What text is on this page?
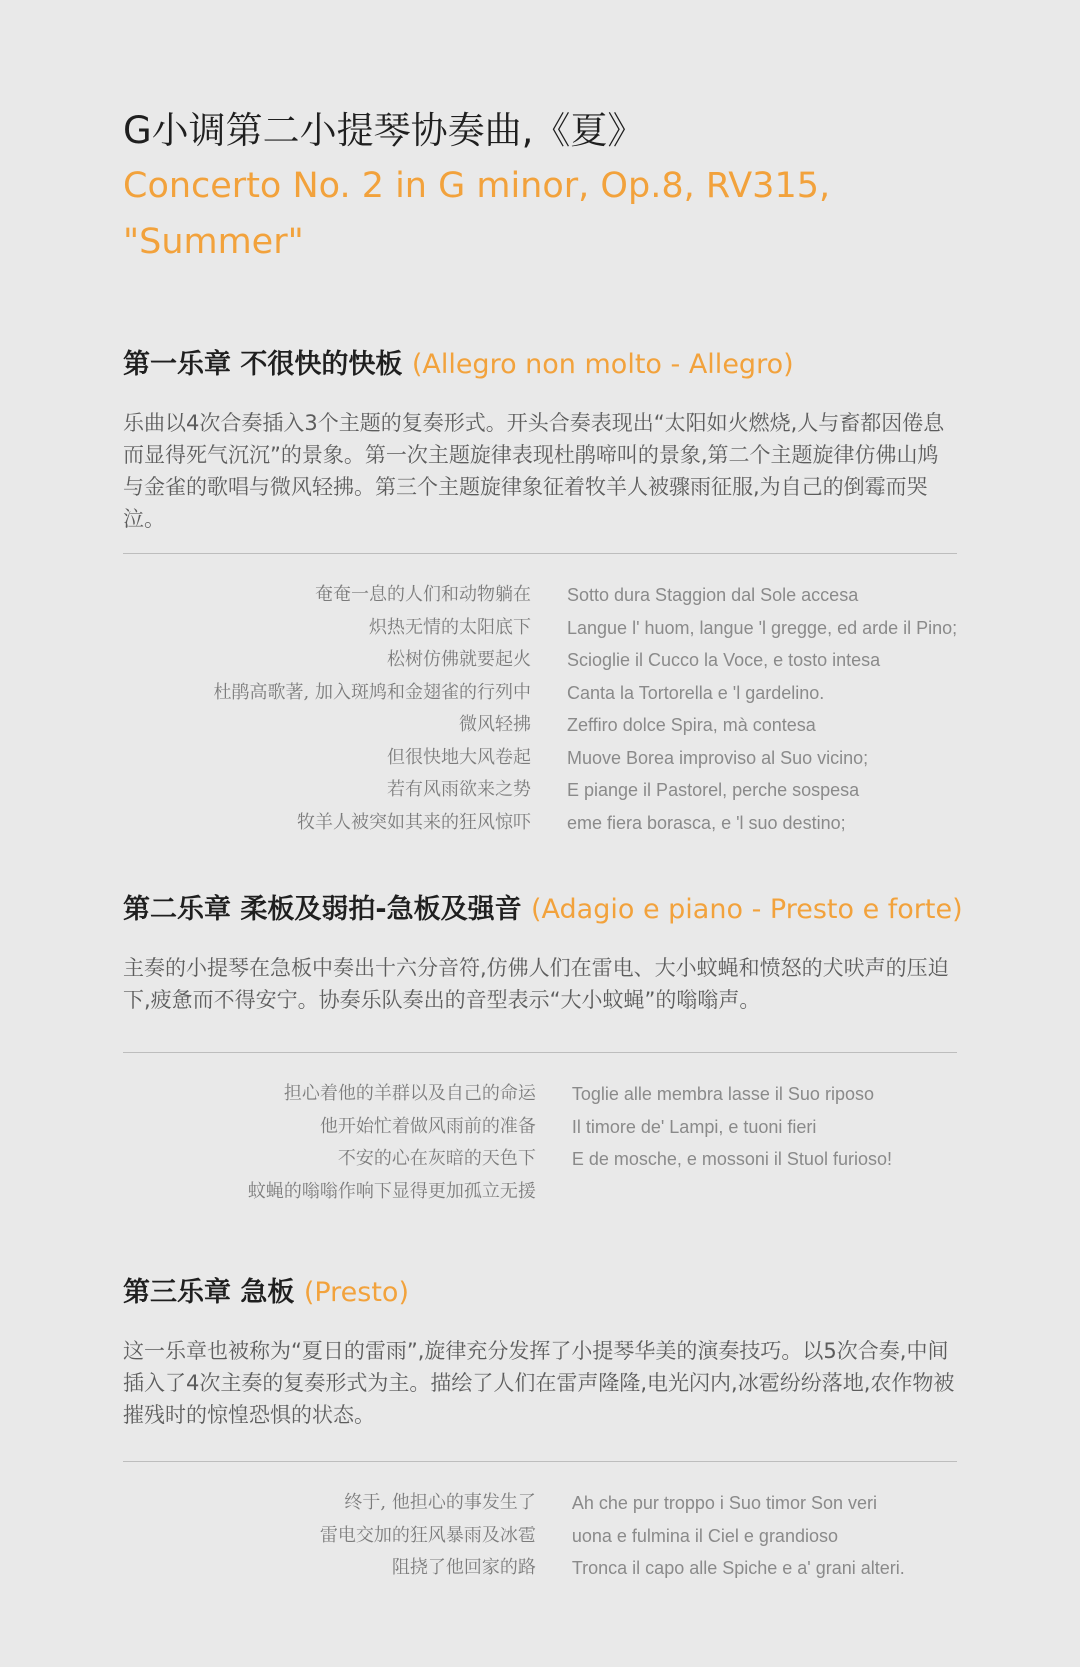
G小调第二小提琴协奏曲,《夏》
Concerto No. 2 in G minor, Op.8, RV315, "Summer"
第一乐章 不很快的快板 (Allegro non molto - Allegro)

乐曲以4次合奏插入3个主题的复奏形式。开头合奏表现出“太阳如火燃烧,人与畜都因倦息而显得死气沉沉”的景象。第一次主题旋律表现杜鹃啼叫的景象,第二个主题旋律仿佛山鸠与金雀的歌唱与微风轻拂。第三个主题旋律象征着牧羊人被骤雨征服,为自己的倒霉而哭泣。

奄奄一息的人们和动物躺在
炽热无情的太阳底下
松树仿佛就要起火
杜鹃高歌著, 加入斑鸠和金翅雀的行列中
微风轻拂
但很快地大风卷起
若有风雨欲来之势
牧羊人被突如其来的狂风惊吓
Sotto dura Staggion dal Sole accesa
Langue l' huom, langue 'l gregge, ed arde il Pino;
Scioglie il Cucco la Voce, e tosto intesa
Canta la Tortorella e 'l gardelino.
Zeffiro dolce Spira, mà contesa
Muove Borea improviso al Suo vicino;
E piange il Pastorel, perche sospesa
eme fiera borasca, e 'l suo destino;
第二乐章 柔板及弱拍-急板及强音 (Adagio e piano - Presto e forte)

主奏的小提琴在急板中奏出十六分音符,仿佛人们在雷电、大小蚊蝇和愤怒的犬吠声的压迫下,疲惫而不得安宁。协奏乐队奏出的音型表示“大小蚊蝇”的嗡嗡声。

担心着他的羊群以及自己的命运
他开始忙着做风雨前的准备
不安的心在灰暗的天色下
蚊蝇的嗡嗡作响下显得更加孤立无援
Toglie alle membra lasse il Suo riposo
Il timore de' Lampi, e tuoni fieri
E de mosche, e mossoni il Stuol furioso!
第三乐章 急板 (Presto)

这一乐章也被称为“夏日的雷雨”,旋律充分发挥了小提琴华美的演奏技巧。以5次合奏,中间插入了4次主奏的复奏形式为主。描绘了人们在雷声隆隆,电光闪内,冰雹纷纷落地,农作物被摧残时的惊惶恐惧的状态。

终于, 他担心的事发生了
雷电交加的狂风暴雨及冰雹
阻挠了他回家的路
Ah che pur troppo i Suo timor Son veri
uona e fulmina il Ciel e grandioso
Tronca il capo alle Spiche e a' grani alteri.
